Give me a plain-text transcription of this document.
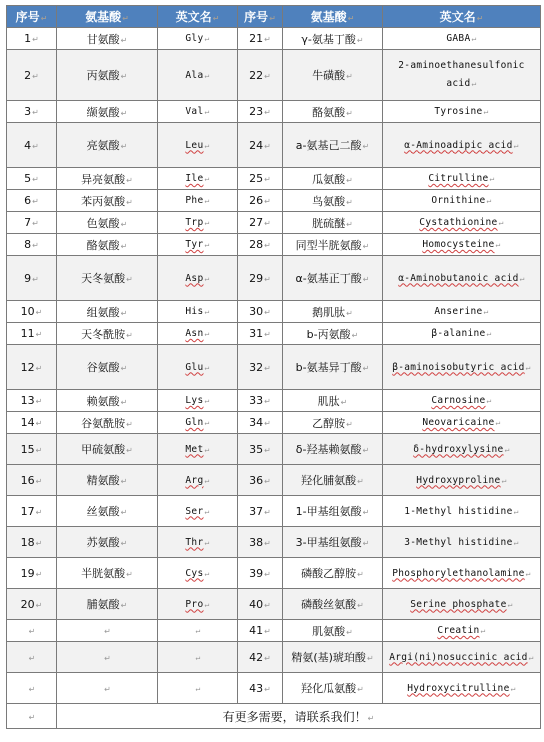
序号↵	氨基酸↵	英文名↵	序号↵	氨基酸↵	英文名↵
1↵	甘氨酸↵	Gly↵	21↵	γ-氨基丁酸↵	GABA↵
2↵	丙氨酸↵	Ala↵	22↵	牛磺酸↵	2-aminoethanesulfonic acid↵
3↵	缬氨酸↵	Val↵	23↵	酪氨酸↵	Tyrosine↵
4↵	亮氨酸↵	Leu↵	24↵	a-氨基己二酸↵	α-Aminoadipic acid↵
5↵	异亮氨酸↵	Ile↵	25↵	瓜氨酸↵	Citrulline↵
6↵	苯丙氨酸↵	Phe↵	26↵	鸟氨酸↵	Ornithine↵
7↵	色氨酸↵	Trp↵	27↵	胱硫醚↵	Cystathionine↵
8↵	酪氨酸↵	Tyr↵	28↵	同型半胱氨酸↵	Homocysteine↵
9↵	天冬氨酸↵	Asp↵	29↵	α-氨基正丁酸↵	α-Aminobutanoic acid↵
10↵	组氨酸↵	His↵	30↵	鹅肌肽↵	Anserine↵
11↵	天冬酰胺↵	Asn↵	31↵	b-丙氨酸↵	β-alanine↵
12↵	谷氨酸↵	Glu↵	32↵	b-氨基异丁酸↵	β-aminoisobutyric acid↵
13↵	赖氨酸↵	Lys↵	33↵	肌肽↵	Carnosine↵
14↵	谷氨酰胺↵	Gln↵	34↵	乙醇胺↵	Neovaricaine↵
15↵	甲硫氨酸↵	Met↵	35↵	δ-羟基赖氨酸↵	δ-hydroxylysine↵
16↵	精氨酸↵	Arg↵	36↵	羟化脯氨酸↵	Hydroxyproline↵
17↵	丝氨酸↵	Ser↵	37↵	1-甲基组氨酸↵	1-Methyl histidine↵
18↵	苏氨酸↵	Thr↵	38↵	3-甲基组氨酸↵	3-Methyl histidine↵
19↵	半胱氨酸↵	Cys↵	39↵	磷酸乙醇胺↵	Phosphorylethanolamine↵
20↵	脯氨酸↵	Pro↵	40↵	磷酸丝氨酸↵	Serine phosphate↵
↵	↵	↵	41↵	肌氨酸↵	Creatin↵
↵	↵	↵	42↵	精氨(基)琥珀酸↵	Argi(ni)nosuccinic acid↵
↵	↵	↵	43↵	羟化瓜氨酸↵	Hydroxycitrulline↵
↵	有更多需要，请联系我们！↵				
